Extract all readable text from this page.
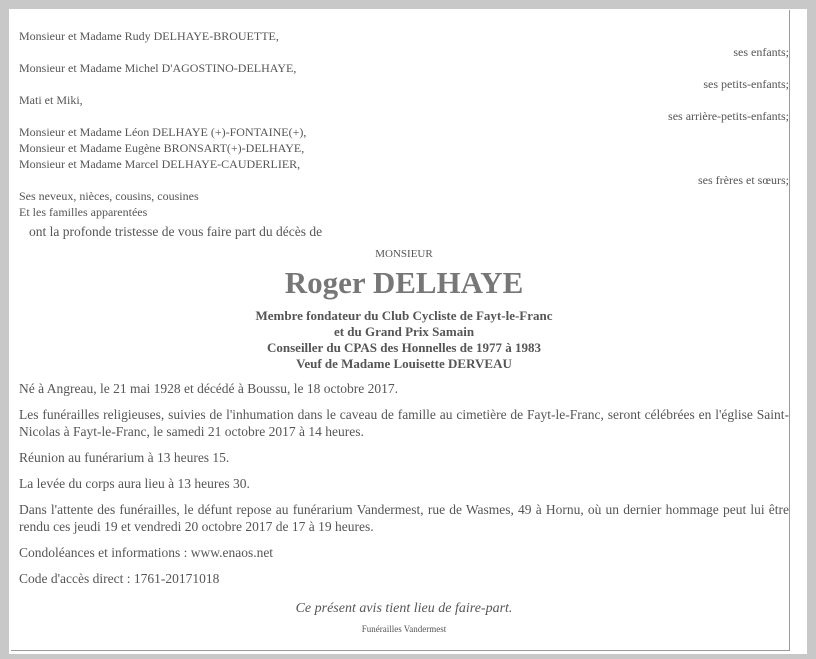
Monsieur et Madame Rudy DELHAYE-BROUETTE,
ses enfants;
Monsieur et Madame Michel D'AGOSTINO-DELHAYE,
ses petits-enfants;
Mati et Miki,
ses arrière-petits-enfants;
Monsieur et Madame Léon DELHAYE (+)-FONTAINE(+),
Monsieur et Madame Eugène BRONSART(+)-DELHAYE,
Monsieur et Madame Marcel DELHAYE-CAUDERLIER,
ses frères et sœurs;
Ses neveux, nièces, cousins, cousines
Et les familles apparentées
ont la profonde tristesse de vous faire part du décès de
MONSIEUR
Roger DELHAYE
Membre fondateur du Club Cycliste de Fayt-le-Franc
et du Grand Prix Samain
Conseiller du CPAS des Honnelles de 1977 à 1983
Veuf de Madame Louisette DERVEAU
Né à Angreau, le 21 mai 1928 et décédé à Boussu, le 18 octobre 2017.
Les funérailles religieuses, suivies de l'inhumation dans le caveau de famille au cimetière de Fayt-le-Franc, seront célébrées en l'église Saint-Nicolas à Fayt-le-Franc, le samedi 21 octobre 2017 à 14 heures.
Réunion au funérarium à 13 heures 15.
La levée du corps aura lieu à 13 heures 30.
Dans l'attente des funérailles, le défunt repose au funérarium Vandermest, rue de Wasmes, 49 à Hornu, où un dernier hommage peut lui être rendu ces jeudi 19 et vendredi 20 octobre 2017 de 17 à 19 heures.
Condoléances et informations : www.enaos.net
Code d'accès direct : 1761-20171018
Ce présent avis tient lieu de faire-part.
Funérailles Vandermest
